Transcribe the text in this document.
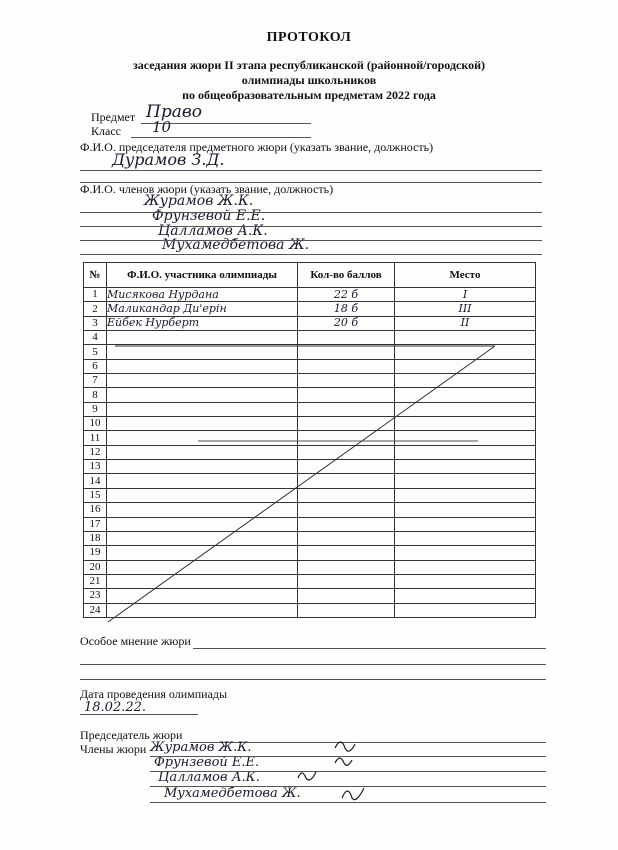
ПРОТОКОЛ
заседания жюри II этапа республиканской (районной/городской)
олимпиады школьников
по общеобразовательным предметам 2022 года
Предмет Право
Класс 10
Ф.И.О. председателя предметного жюри (указать звание, должность)
Дурамов З.Д.
Ф.И.О. членов жюри (указать звание, должность)
Журамов Ж.К.
Фрунзевой Е.Е.
Цалламов А.К.
Мухамедбетова Ж.
№	Ф.И.О. участника олимпиады	Кол-во баллов	Место
1	Мисякова Нурдана	22 б	I
2	Маликандар Ди'ерін	18 б	III
3	Ейбек Нурберт	20 б	II
4			
5			
6			
7			
8			
9			
10			
11			
12			
13			
14			
15			
16			
17			
18			
19			
20			
21			
23			
24			
Особое мнение жюри
Дата проведения олимпиады
18.02.22.
Председатель жюри
Члены жюри Журамов Ж.К.
Фрунзевой Е.Е.
Цалламов А.К.
Мухамедбетова Ж.
